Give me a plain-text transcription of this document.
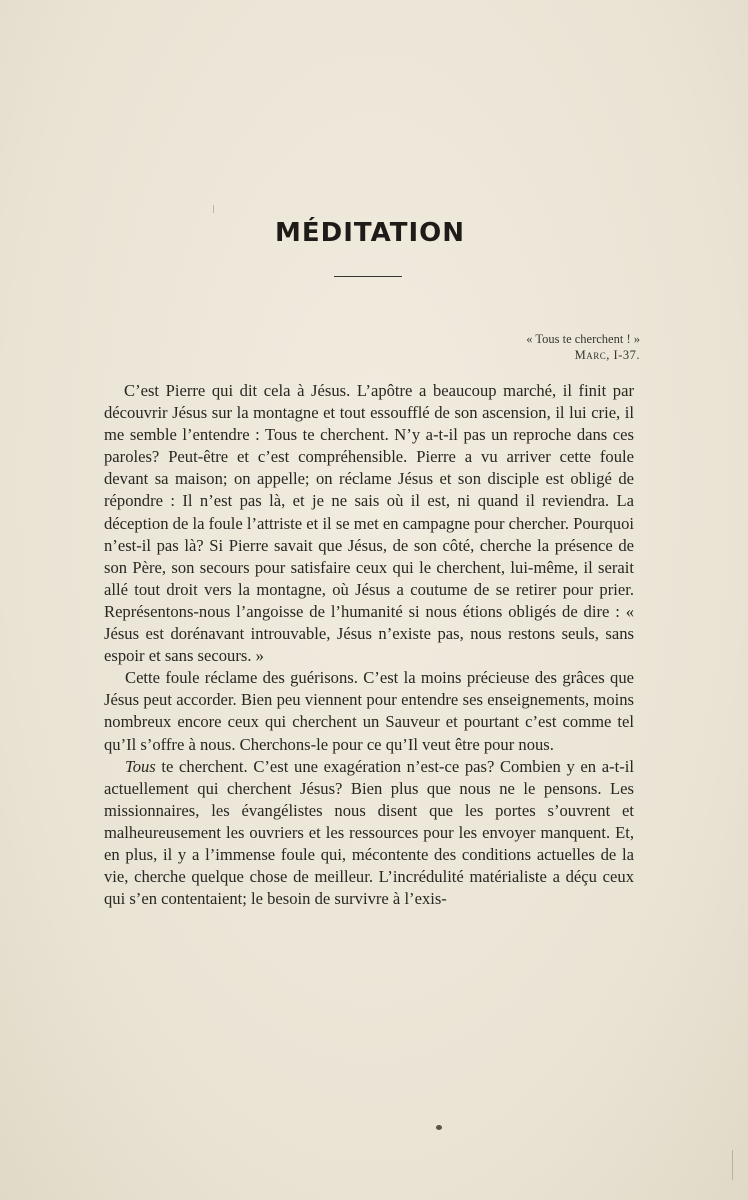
MÉDITATION
« Tous te cherchent ! »
Marc, I-37.

C’est Pierre qui dit cela à Jésus. L’apôtre a beaucoup marché, il finit par découvrir Jésus sur la montagne et tout essoufflé de son ascension, il lui crie, il me semble l’entendre : Tous te cherchent. N’y a-t-il pas un reproche dans ces paroles? Peut-être et c’est compréhensible. Pierre a vu arriver cette foule devant sa maison; on appelle; on réclame Jésus et son disciple est obligé de répondre : Il n’est pas là, et je ne sais où il est, ni quand il reviendra. La déception de la foule l’attriste et il se met en campagne pour chercher. Pourquoi n’est-il pas là? Si Pierre savait que Jésus, de son côté, cherche la présence de son Père, son secours pour satisfaire ceux qui le cherchent, lui-même, il serait allé tout droit vers la montagne, où Jésus a coutume de se retirer pour prier. Représentons-nous l’angoisse de l’humanité si nous étions obligés de dire : « Jésus est dorénavant introuvable, Jésus n’existe pas, nous restons seuls, sans espoir et sans secours. »

Cette foule réclame des guérisons. C’est la moins précieuse des grâces que Jésus peut accorder. Bien peu viennent pour entendre ses enseignements, moins nombreux encore ceux qui cherchent un Sauveur et pourtant c’est comme tel qu’Il s’offre à nous. Cherchons-le pour ce qu’Il veut être pour nous.

Tous te cherchent. C’est une exagération n’est-ce pas? Combien y en a-t-il actuellement qui cherchent Jésus? Bien plus que nous ne le pensons. Les missionnaires, les évangélistes nous disent que les portes s’ouvrent et malheureusement les ouvriers et les ressources pour les envoyer manquent. Et, en plus, il y a l’immense foule qui, mécontente des conditions actuelles de la vie, cherche quelque chose de meilleur. L’incrédulité matérialiste a déçu ceux qui s’en contentaient; le besoin de survivre à l’exis-
